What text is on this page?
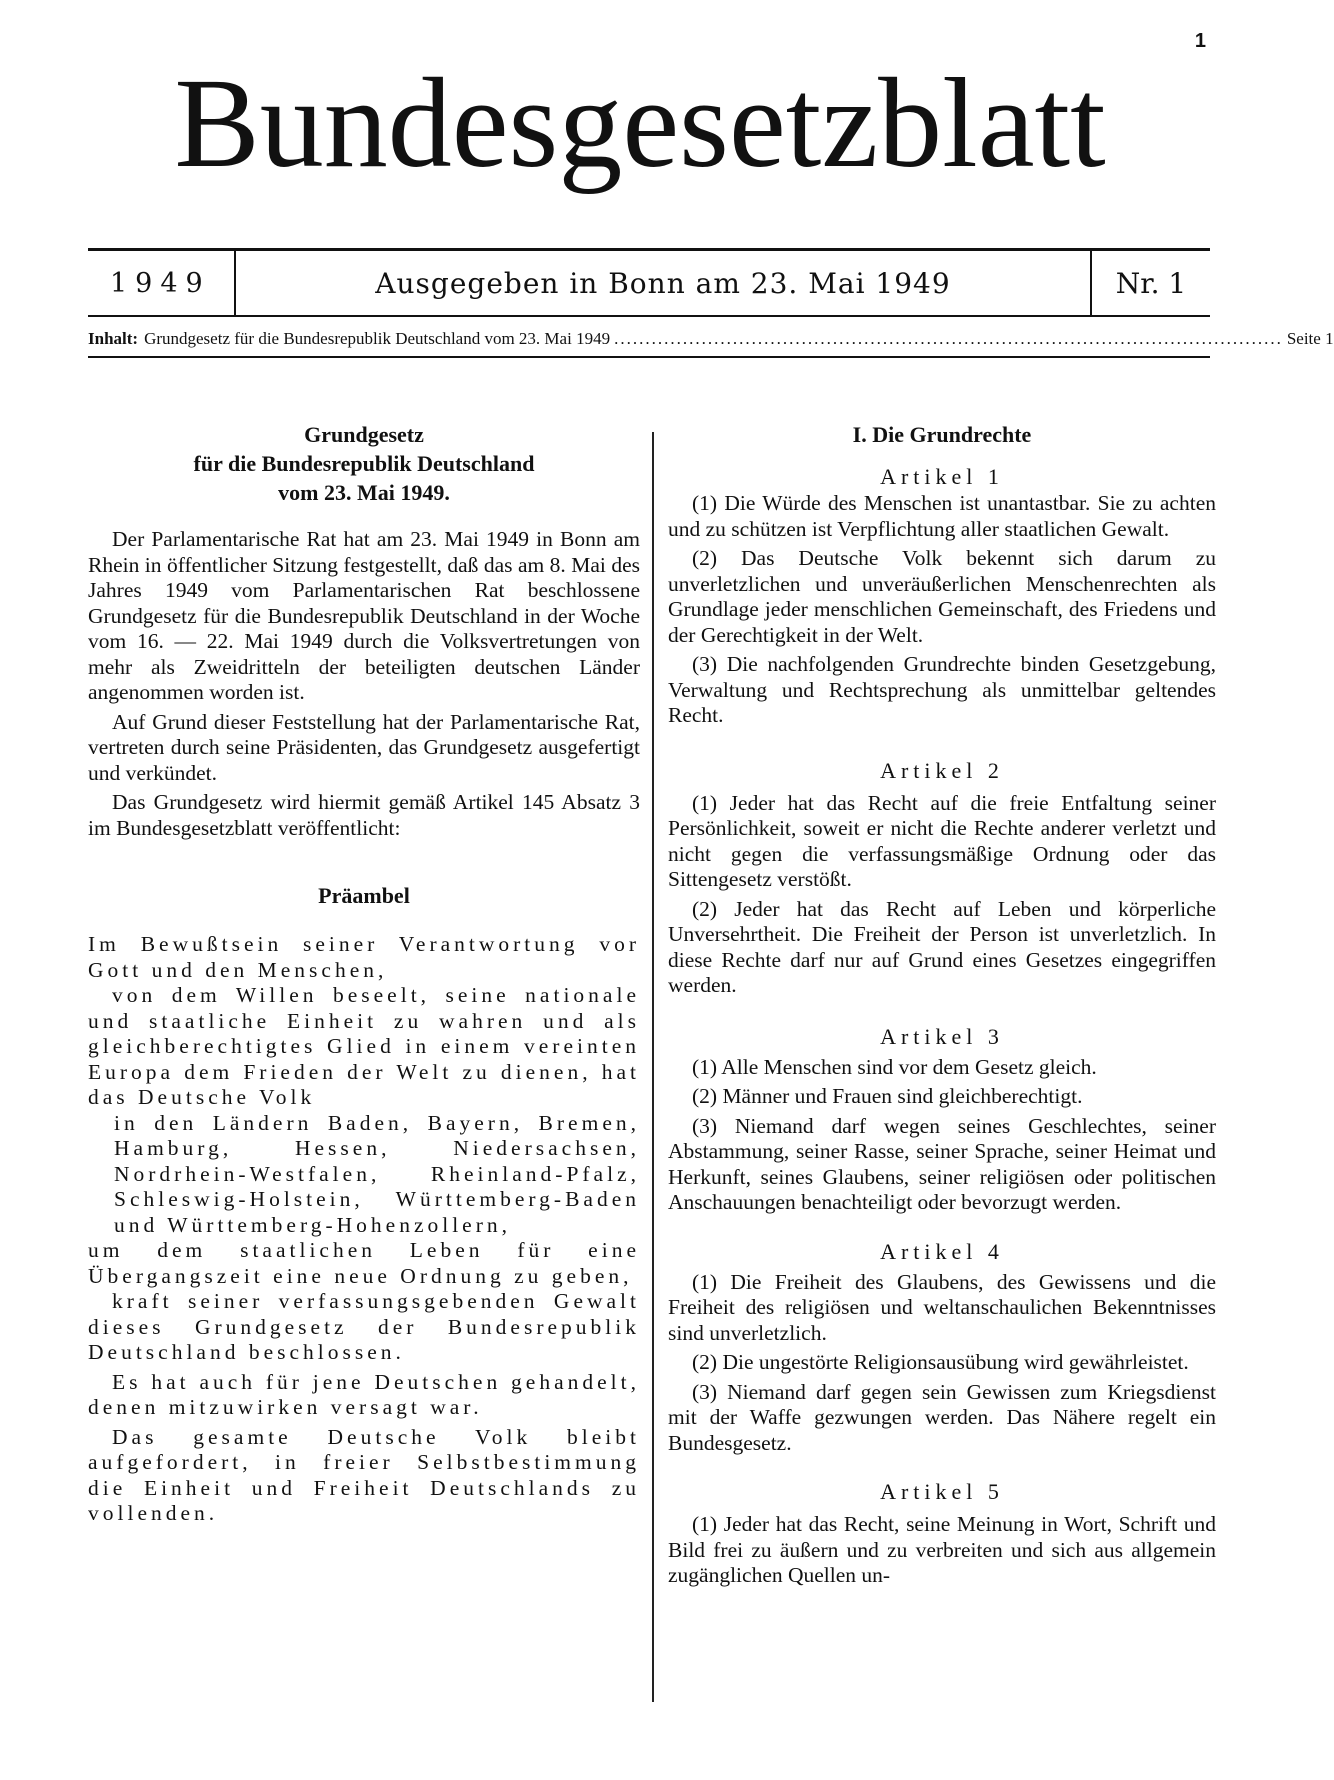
1
Bundesgesetzblatt
1949	Ausgegeben in Bonn am 23. Mai 1949	Nr. 1
Inhalt: Grundgesetz für die Bundesrepublik Deutschland vom 23. Mai 1949 ........................................................................................................... Seite 1
Grundgesetz
für die Bundesrepublik Deutschland
vom 23. Mai 1949.

Der Parlamentarische Rat hat am 23. Mai 1949 in Bonn am Rhein in öffentlicher Sitzung festgestellt, daß das am 8. Mai des Jahres 1949 vom Parlamentarischen Rat beschlossene Grundgesetz für die Bundesrepublik Deutschland in der Woche vom 16. — 22. Mai 1949 durch die Volksvertretungen von mehr als Zweidritteln der beteiligten deutschen Länder angenommen worden ist.

Auf Grund dieser Feststellung hat der Parlamentarische Rat, vertreten durch seine Präsidenten, das Grundgesetz ausgefertigt und verkündet.

Das Grundgesetz wird hiermit gemäß Artikel 145 Absatz 3 im Bundesgesetzblatt veröffentlicht:

Präambel

Im Bewußtsein seiner Verantwortung vor Gott und den Menschen,

von dem Willen beseelt, seine nationale und staatliche Einheit zu wahren und als gleichberechtigtes Glied in einem vereinten Europa dem Frieden der Welt zu dienen, hat das Deutsche Volk

in den Ländern Baden, Bayern, Bremen, Hamburg, Hessen, Niedersachsen, Nordrhein-Westfalen, Rheinland-Pfalz, Schleswig-Holstein, Württemberg-Baden und Württemberg-Hohenzollern,

um dem staatlichen Leben für eine Übergangszeit eine neue Ordnung zu geben,

kraft seiner verfassungsgebenden Gewalt dieses Grundgesetz der Bundesrepublik Deutschland beschlossen.

Es hat auch für jene Deutschen gehandelt, denen mitzuwirken versagt war.

Das gesamte Deutsche Volk bleibt aufgefordert, in freier Selbstbestimmung die Einheit und Freiheit Deutschlands zu vollenden.

I. Die Grundrechte
Artikel 1

(1) Die Würde des Menschen ist unantastbar. Sie zu achten und zu schützen ist Verpflichtung aller staatlichen Gewalt.

(2) Das Deutsche Volk bekennt sich darum zu unverletzlichen und unveräußerlichen Menschenrechten als Grundlage jeder menschlichen Gemeinschaft, des Friedens und der Gerechtigkeit in der Welt.

(3) Die nachfolgenden Grundrechte binden Gesetzgebung, Verwaltung und Rechtsprechung als unmittelbar geltendes Recht.

Artikel 2

(1) Jeder hat das Recht auf die freie Entfaltung seiner Persönlichkeit, soweit er nicht die Rechte anderer verletzt und nicht gegen die verfassungsmäßige Ordnung oder das Sittengesetz verstößt.

(2) Jeder hat das Recht auf Leben und körperliche Unversehrtheit. Die Freiheit der Person ist unverletzlich. In diese Rechte darf nur auf Grund eines Gesetzes eingegriffen werden.

Artikel 3

(1) Alle Menschen sind vor dem Gesetz gleich.

(2) Männer und Frauen sind gleichberechtigt.

(3) Niemand darf wegen seines Geschlechtes, seiner Abstammung, seiner Rasse, seiner Sprache, seiner Heimat und Herkunft, seines Glaubens, seiner religiösen oder politischen Anschauungen benachteiligt oder bevorzugt werden.

Artikel 4

(1) Die Freiheit des Glaubens, des Gewissens und die Freiheit des religiösen und weltanschaulichen Bekenntnisses sind unverletzlich.

(2) Die ungestörte Religionsausübung wird gewährleistet.

(3) Niemand darf gegen sein Gewissen zum Kriegsdienst mit der Waffe gezwungen werden. Das Nähere regelt ein Bundesgesetz.

Artikel 5

(1) Jeder hat das Recht, seine Meinung in Wort, Schrift und Bild frei zu äußern und zu verbreiten und sich aus allgemein zugänglichen Quellen un-
